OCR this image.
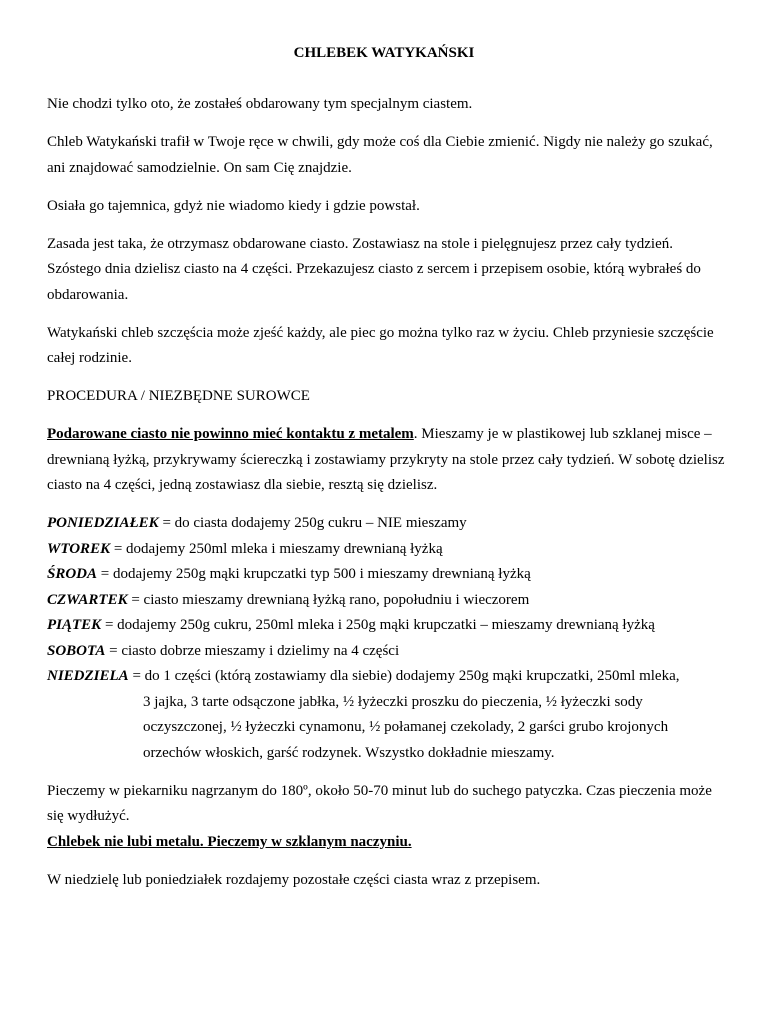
CHLEBEK WATYKAŃSKI

Nie chodzi tylko oto, że zostałeś obdarowany tym specjalnym ciastem.

Chleb Watykański trafił w Twoje ręce w chwili, gdy może coś dla Ciebie zmienić. Nigdy nie należy go szukać, ani znajdować samodzielnie. On sam Cię znajdzie.

Osiała go tajemnica, gdyż nie wiadomo kiedy i gdzie powstał.

Zasada jest taka, że otrzymasz obdarowane ciasto. Zostawiasz na stole i pielęgnujesz przez cały tydzień. Szóstego dnia dzielisz ciasto na 4 części. Przekazujesz ciasto z sercem i przepisem osobie, którą wybrałeś do obdarowania.

Watykański chleb szczęścia może zjeść każdy, ale piec go można tylko raz w życiu. Chleb przyniesie szczęście całej rodzinie.

PROCEDURA / NIEZBĘDNE SUROWCE

Podarowane ciasto nie powinno mieć kontaktu z metalem. Mieszamy je w plastikowej lub szklanej misce – drewnianą łyżką, przykrywamy ściereczką i zostawiamy przykryty na stole przez cały tydzień. W sobotę dzielisz ciasto na 4 części, jedną zostawiasz dla siebie, resztą się dzielisz.

PONIEDZIAŁEK = do ciasta dodajemy 250g cukru – NIE mieszamy
WTOREK = dodajemy 250ml mleka i mieszamy drewnianą łyżką
ŚRODA = dodajemy 250g mąki krupczatki typ 500 i mieszamy drewnianą łyżką
CZWARTEK = ciasto mieszamy drewnianą łyżką rano, popołudniu i wieczorem
PIĄTEK = dodajemy 250g cukru, 250ml mleka i 250g mąki krupczatki – mieszamy drewnianą łyżką
SOBOTA = ciasto dobrze mieszamy i dzielimy na 4 części
NIEDZIELA = do 1 części (którą zostawiamy dla siebie) dodajemy 250g mąki krupczatki, 250ml mleka,
3 jajka, 3 tarte odsączone jabłka, ½ łyżeczki proszku do pieczenia, ½ łyżeczki sody
oczyszczonej, ½ łyżeczki cynamonu, ½ połamanej czekolady, 2 garści grubo krojonych
orzechów włoskich, garść rodzynek. Wszystko dokładnie mieszamy.

Pieczemy w piekarniku nagrzanym do 180º, około 50-70 minut lub do suchego patyczka. Czas pieczenia może się wydłużyć.

Chlebek nie lubi metalu. Pieczemy w szklanym naczyniu.

W niedzielę lub poniedziałek rozdajemy pozostałe części ciasta wraz z przepisem.
